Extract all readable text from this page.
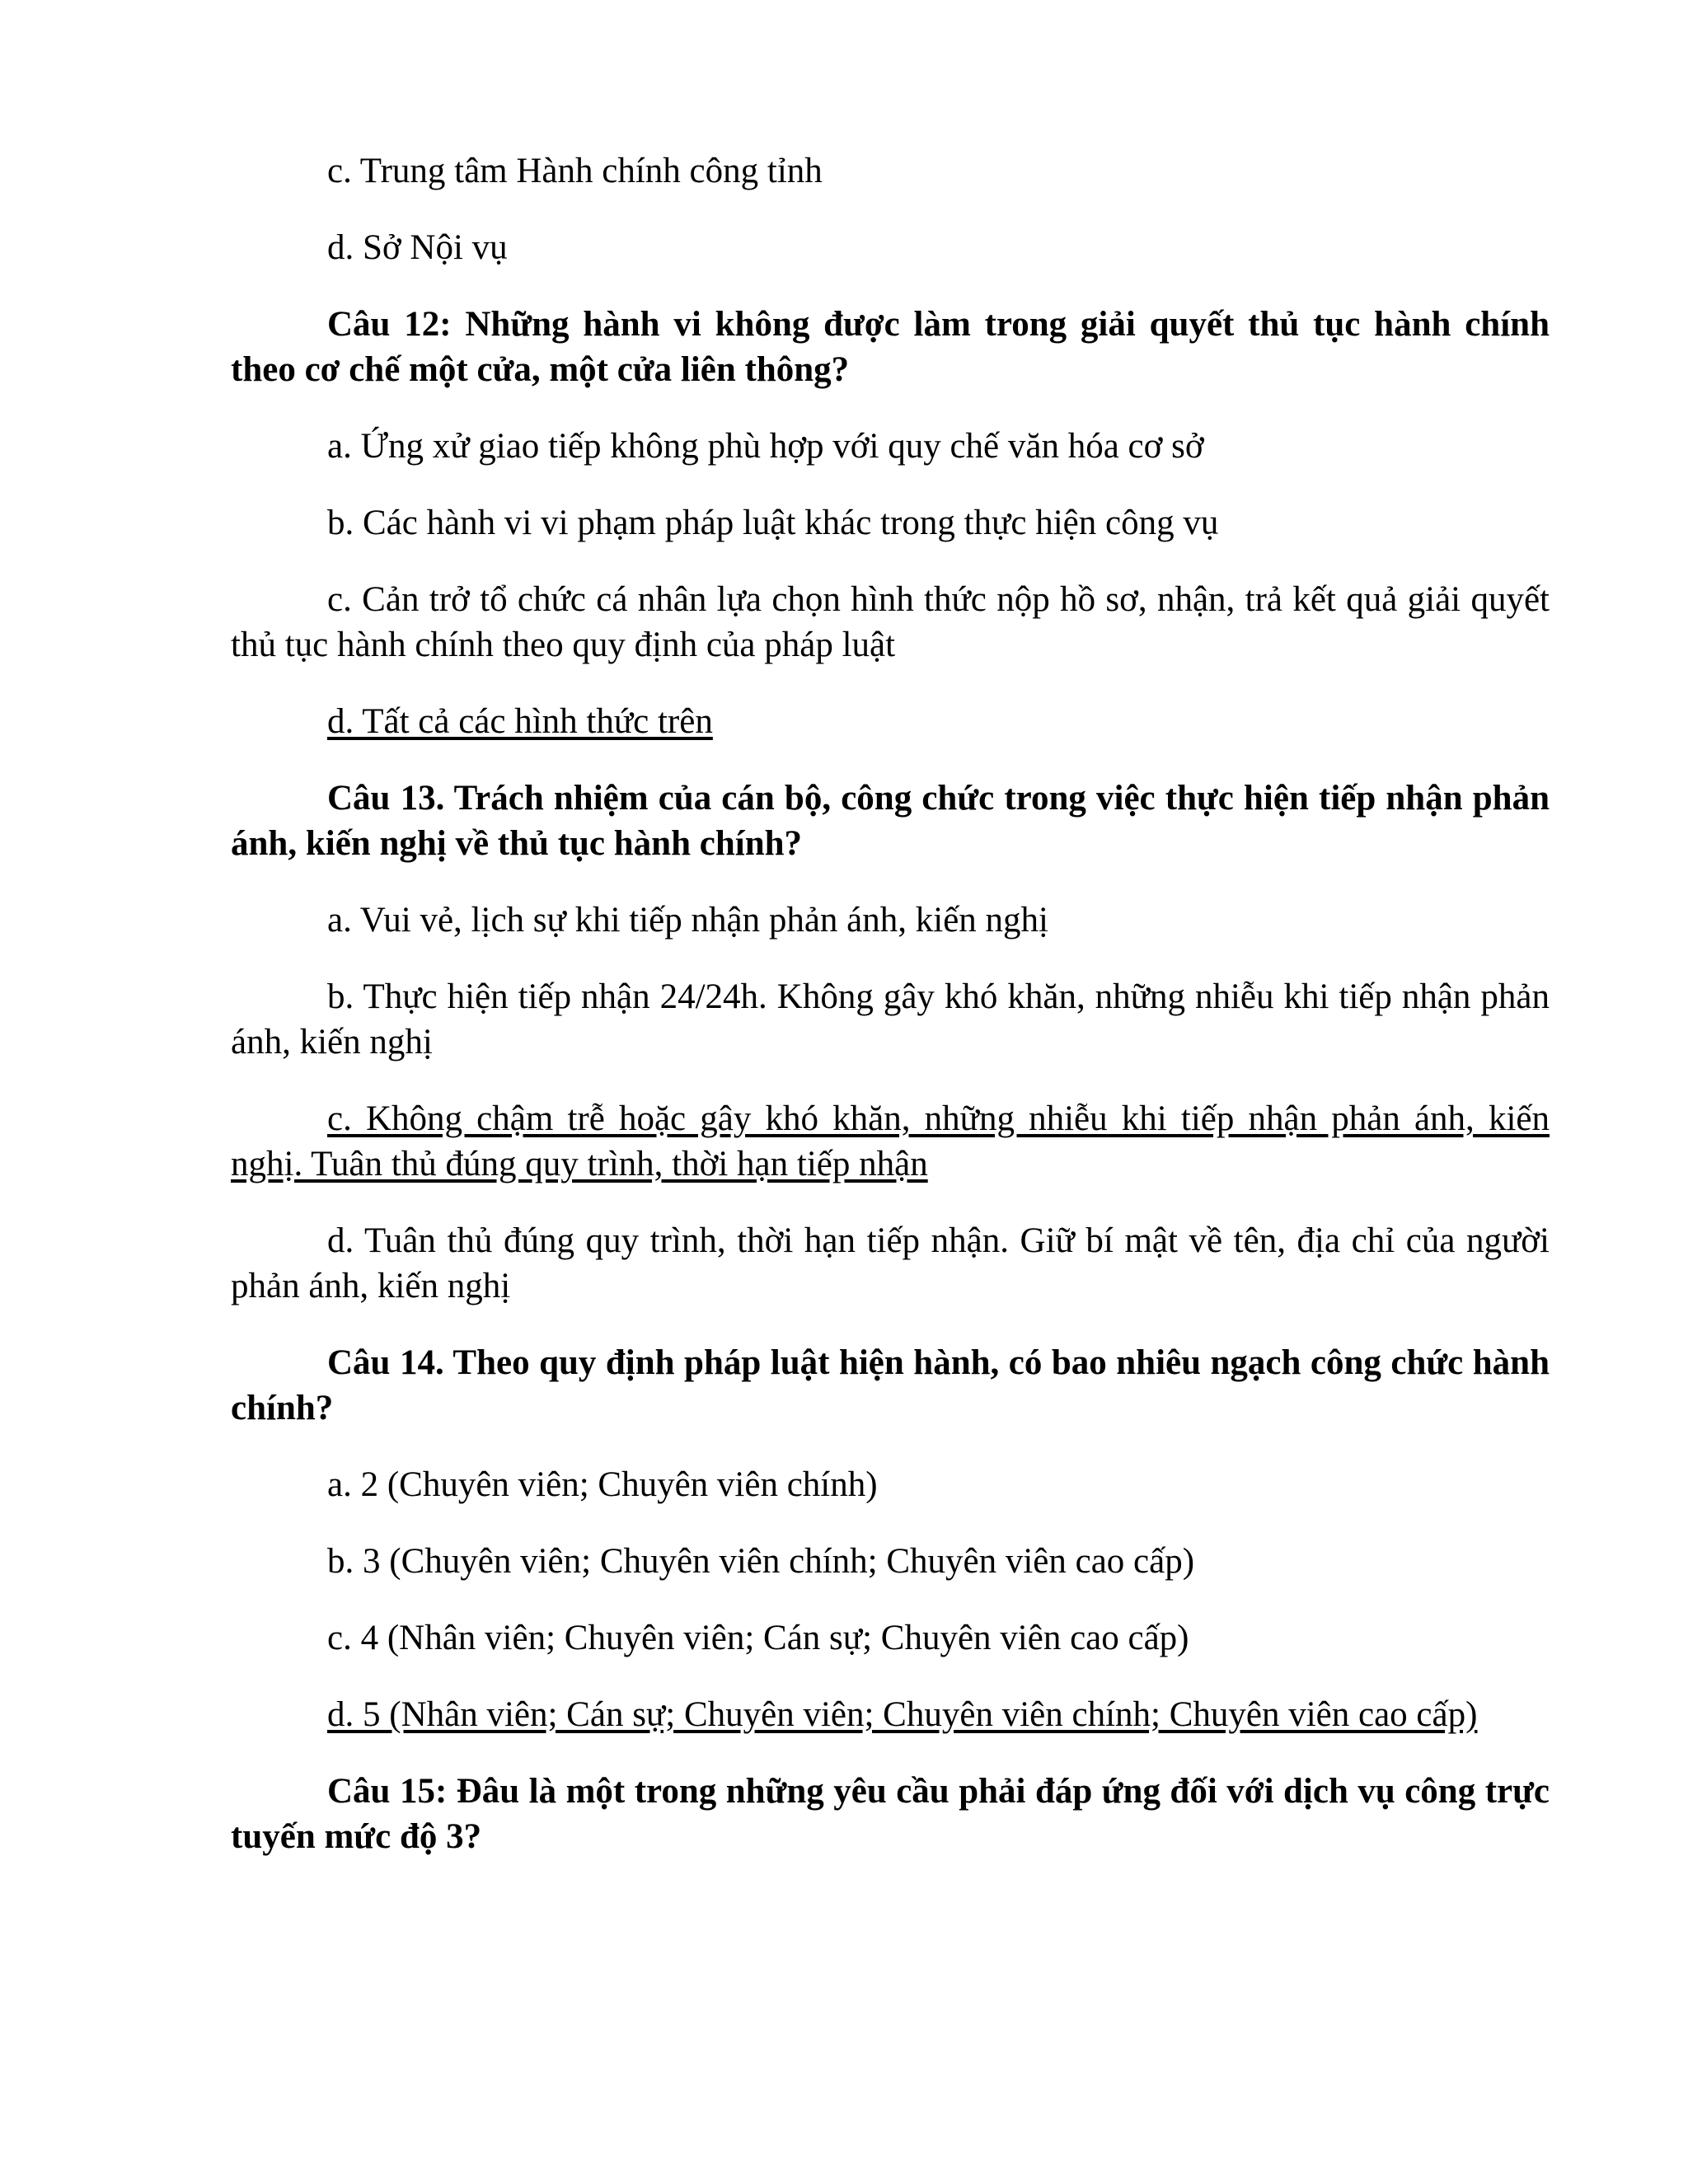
c. Trung tâm Hành chính công tỉnh

d. Sở Nội vụ

Câu 12: Những hành vi không được làm trong giải quyết thủ tục hành chính theo cơ chế một cửa, một cửa liên thông?

a. Ứng xử giao tiếp không phù hợp với quy chế văn hóa cơ sở

b. Các hành vi vi phạm pháp luật khác trong thực hiện công vụ

c. Cản trở tổ chức cá nhân lựa chọn hình thức nộp hồ sơ, nhận, trả kết quả giải quyết thủ tục hành chính theo quy định của pháp luật

d. Tất cả các hình thức trên

Câu 13. Trách nhiệm của cán bộ, công chức trong việc thực hiện tiếp nhận phản ánh, kiến nghị về thủ tục hành chính?

a. Vui vẻ, lịch sự khi tiếp nhận phản ánh, kiến nghị

b. Thực hiện tiếp nhận 24/24h. Không gây khó khăn, những nhiễu khi tiếp nhận phản ánh, kiến nghị

c. Không chậm trễ hoặc gây khó khăn, những nhiễu khi tiếp nhận phản ánh, kiến nghị. Tuân thủ đúng quy trình, thời hạn tiếp nhận

d. Tuân thủ đúng quy trình, thời hạn tiếp nhận. Giữ bí mật về tên, địa chỉ của người phản ánh, kiến nghị

Câu 14. Theo quy định pháp luật hiện hành, có bao nhiêu ngạch công chức hành chính?

a. 2 (Chuyên viên; Chuyên viên chính)

b. 3 (Chuyên viên; Chuyên viên chính; Chuyên viên cao cấp)

c. 4 (Nhân viên; Chuyên viên; Cán sự; Chuyên viên cao cấp)

d. 5 (Nhân viên; Cán sự; Chuyên viên; Chuyên viên chính; Chuyên viên cao cấp)

Câu 15: Đâu là một trong những yêu cầu phải đáp ứng đối với dịch vụ công trực tuyến mức độ 3?
